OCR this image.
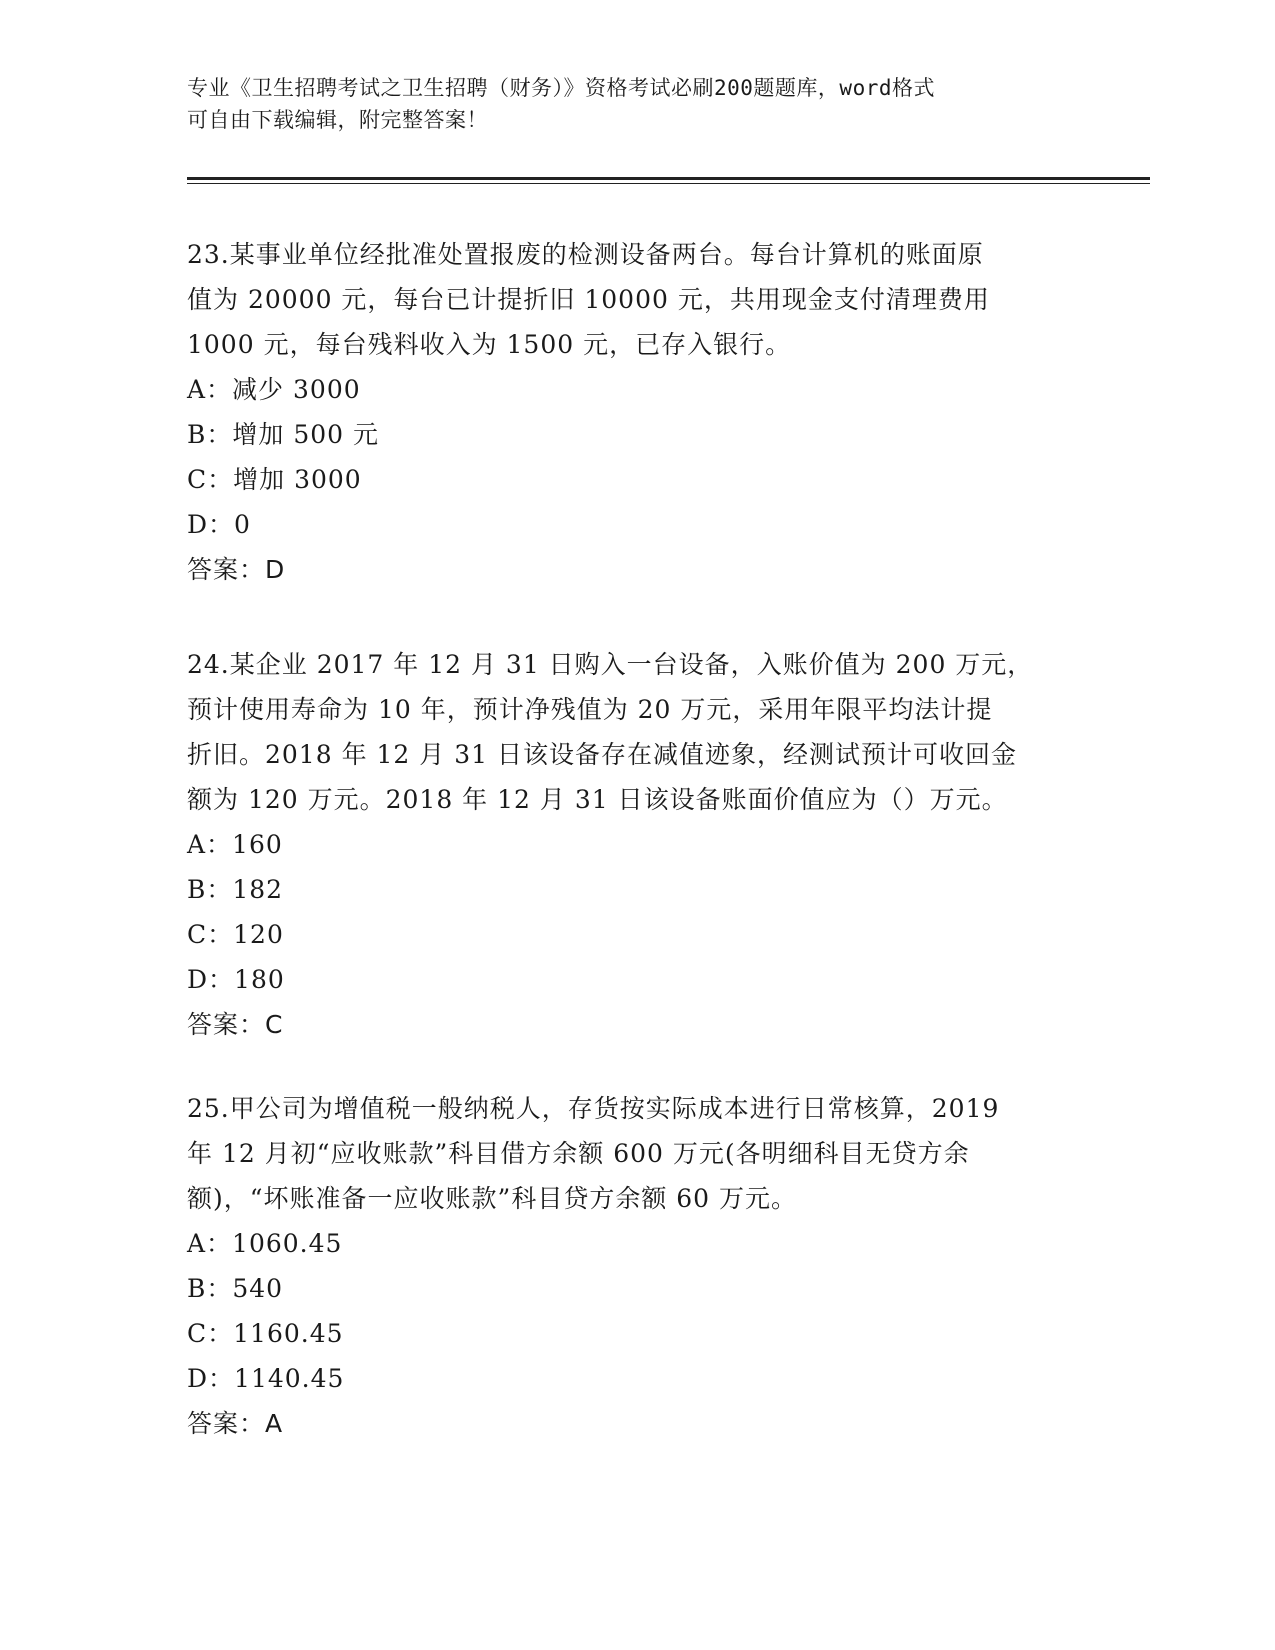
专业《卫生招聘考试之卫生招聘（财务）》资格考试必刷200题题库，word格式
可自由下载编辑，附完整答案！
23.某事业单位经批准处置报废的检测设备两台。每台计算机的账面原
值为 20000 元，每台已计提折旧 10000 元，共用现金支付清理费用
1000 元，每台残料收入为 1500 元，已存入银行。
A：减少 3000
B：增加 500 元
C：增加 3000
D：0
答案：D
24.某企业 2017 年 12 月 31 日购入一台设备，入账价值为 200 万元，
预计使用寿命为 10 年，预计净残值为 20 万元，采用年限平均法计提
折旧。2018 年 12 月 31 日该设备存在减值迹象，经测试预计可收回金
额为 120 万元。2018 年 12 月 31 日该设备账面价值应为（）万元。
A：160
B：182
C：120
D：180
答案：C
25.甲公司为增值税一般纳税人，存货按实际成本进行日常核算，2019
年 12 月初“应收账款”科目借方余额 600 万元(各明细科目无贷方余
额)，“坏账准备一应收账款”科目贷方余额 60 万元。
A：1060.45
B：540
C：1160.45
D：1140.45
答案：A
